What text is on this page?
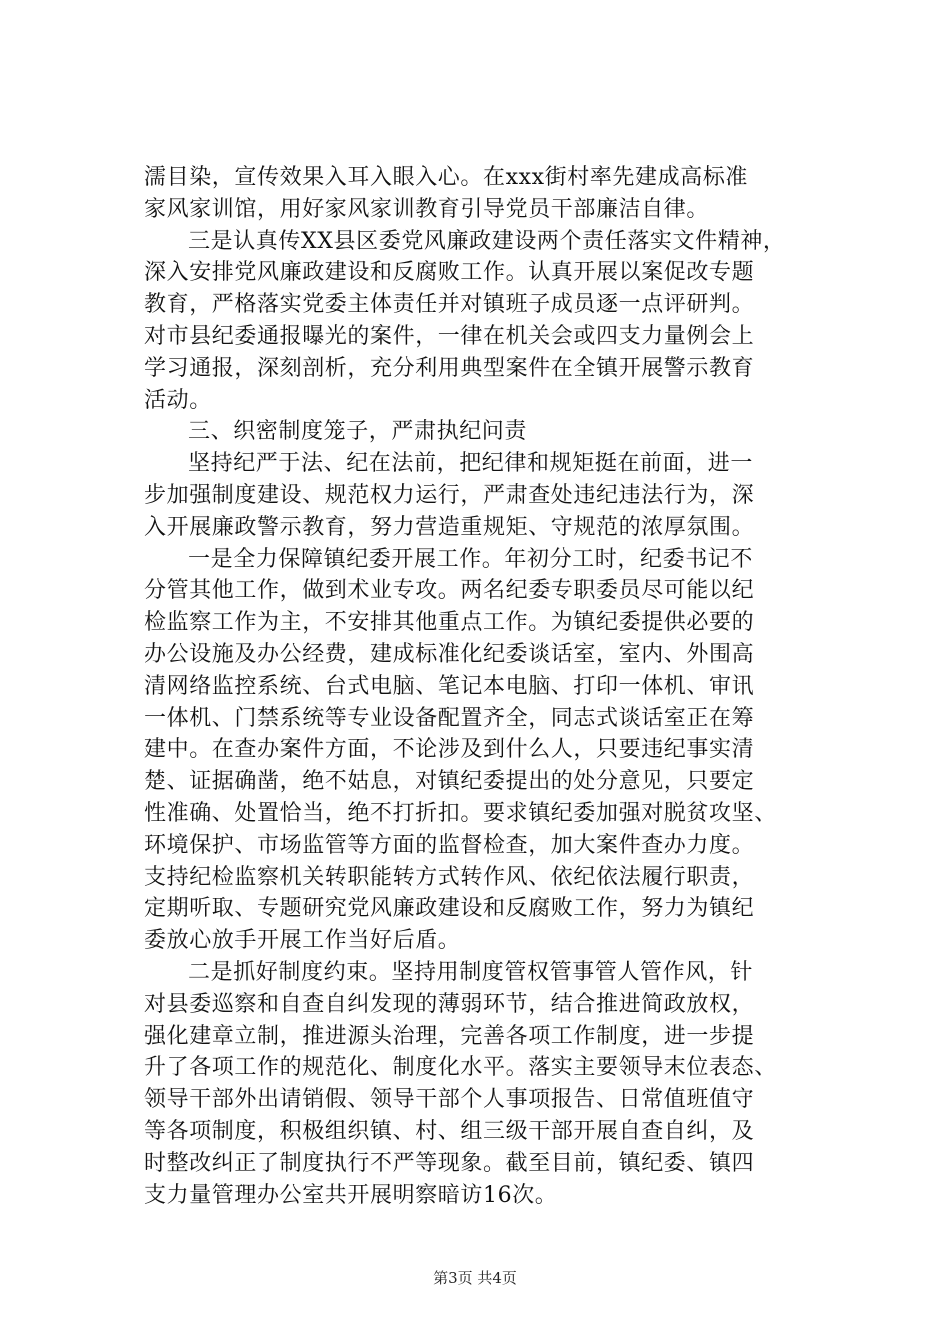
濡目染，宣传效果入耳入眼入心。在xxx街村率先建成高标准
家风家训馆，用好家风家训教育引导党员干部廉洁自律。
三是认真传XX县区委党风廉政建设两个责任落实文件精神，
深入安排党风廉政建设和反腐败工作。认真开展以案促改专题
教育，严格落实党委主体责任并对镇班子成员逐一点评研判。
对市县纪委通报曝光的案件，一律在机关会或四支力量例会上
学习通报，深刻剖析，充分利用典型案件在全镇开展警示教育
活动。
三、织密制度笼子，严肃执纪问责
坚持纪严于法、纪在法前，把纪律和规矩挺在前面，进一
步加强制度建设、规范权力运行，严肃查处违纪违法行为，深
入开展廉政警示教育，努力营造重规矩、守规范的浓厚氛围。
一是全力保障镇纪委开展工作。年初分工时，纪委书记不
分管其他工作，做到术业专攻。两名纪委专职委员尽可能以纪
检监察工作为主，不安排其他重点工作。为镇纪委提供必要的
办公设施及办公经费，建成标准化纪委谈话室，室内、外围高
清网络监控系统、台式电脑、笔记本电脑、打印一体机、审讯
一体机、门禁系统等专业设备配置齐全，同志式谈话室正在筹
建中。在查办案件方面，不论涉及到什么人，只要违纪事实清
楚、证据确凿，绝不姑息，对镇纪委提出的处分意见，只要定
性准确、处置恰当，绝不打折扣。要求镇纪委加强对脱贫攻坚、
环境保护、市场监管等方面的监督检查，加大案件查办力度。
支持纪检监察机关转职能转方式转作风、依纪依法履行职责，
定期听取、专题研究党风廉政建设和反腐败工作，努力为镇纪
委放心放手开展工作当好后盾。
二是抓好制度约束。坚持用制度管权管事管人管作风，针
对县委巡察和自查自纠发现的薄弱环节，结合推进简政放权，
强化建章立制，推进源头治理，完善各项工作制度，进一步提
升了各项工作的规范化、制度化水平。落实主要领导末位表态、
领导干部外出请销假、领导干部个人事项报告、日常值班值守
等各项制度，积极组织镇、村、组三级干部开展自查自纠，及
时整改纠正了制度执行不严等现象。截至目前，镇纪委、镇四
支力量管理办公室共开展明察暗访16次。
第3页 共4页
